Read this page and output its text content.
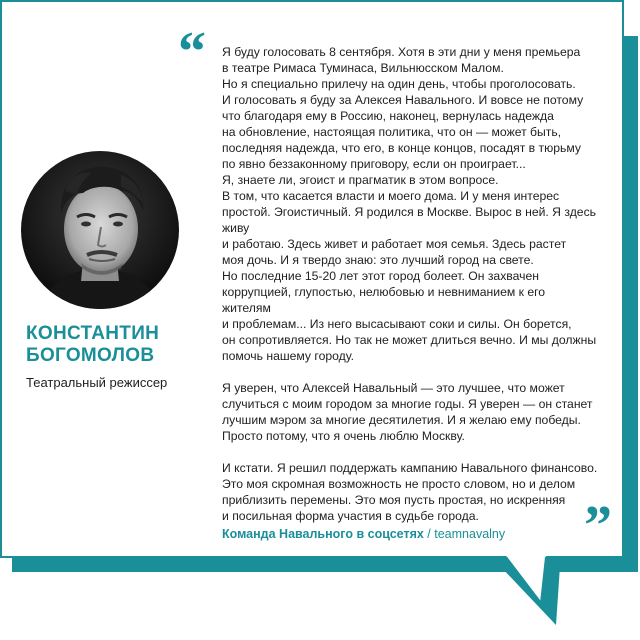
КОНСТАНТИН
БОГОМОЛОВ
Театральный режиссер
“ Я буду голосовать 8 сентября. Хотя в эти дни у меня премьера
в театре Римаса Туминаса, Вильнюсском Малом.
Но я специально прилечу на один день, чтобы проголосовать.
И голосовать я буду за Алексея Навального. И вовсе не потому
что благодаря ему в Россию, наконец, вернулась надежда
на обновление, настоящая политика, что он — может быть,
последняя надежда, что его, в конце концов, посадят в тюрьму
по явно беззаконному приговору, если он проиграет...
Я, знаете ли, эгоист и прагматик в этом вопросе.
В том, что касается власти и моего дома. И у меня интерес
простой. Эгоистичный. Я родился в Москве. Вырос в ней. Я здесь
живу
и работаю. Здесь живет и работает моя семья. Здесь растет
моя дочь. И я твердо знаю: это лучший город на свете.
Но последние 15-20 лет этот город болеет. Он захвачен
коррупцией, глупостью, нелюбовью и невниманием к его
жителям
и проблемам... Из него высасывают соки и силы. Он борется,
он сопротивляется. Но так не может длиться вечно. И мы должны
помочь нашему городу.

Я уверен, что Алексей Навальный — это лучшее, что может
случиться с моим городом за многие годы. Я уверен — он станет
лучшим мэром за многие десятилетия. И я желаю ему победы.
Просто потому, что я очень люблю Москву.

И кстати. Я решил поддержать кампанию Навального финансово.
Это моя скромная возможность не просто словом, но и делом
приблизить перемены. Это моя пусть простая, но искренняя
и посильная форма участия в судьбе города.	”
Команда Навального в соцсетях / teamnavalny
